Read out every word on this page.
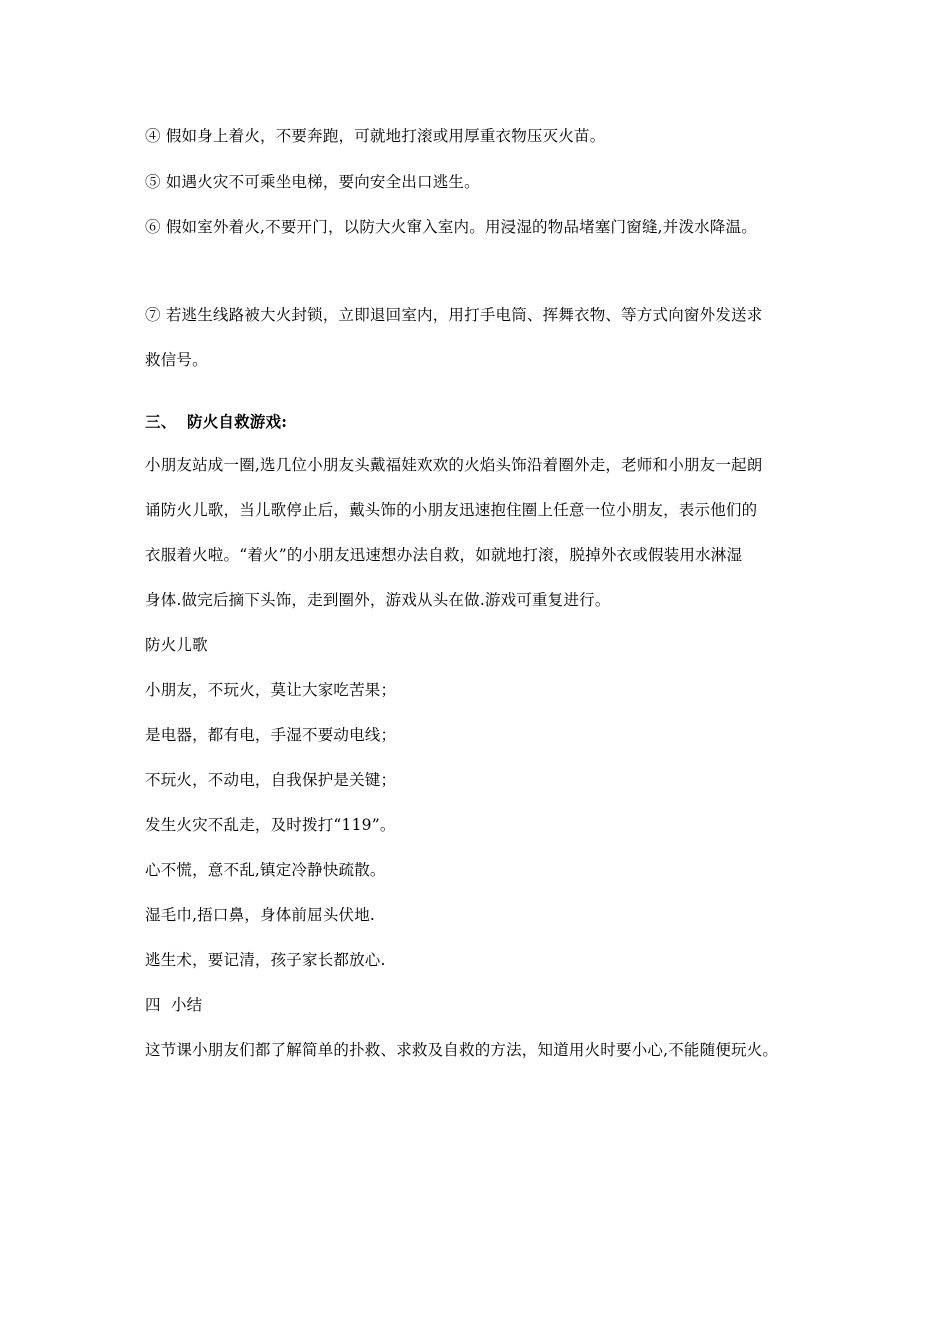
④ 假如身上着火，不要奔跑，可就地打滚或用厚重衣物压灭火苗。
⑤ 如遇火灾不可乘坐电梯，要向安全出口逃生。
⑥ 假如室外着火,不要开门，以防大火窜入室内。用浸湿的物品堵塞门窗缝,并泼水降温。
⑦ 若逃生线路被大火封锁，立即退回室内，用打手电筒、挥舞衣物、等方式向窗外发送求
救信号。
三、 防火自救游戏:
小朋友站成一圈,选几位小朋友头戴福娃欢欢的火焰头饰沿着圈外走，老师和小朋友一起朗
诵防火儿歌，当儿歌停止后，戴头饰的小朋友迅速抱住圈上任意一位小朋友，表示他们的
衣服着火啦。“着火”的小朋友迅速想办法自救，如就地打滚，脱掉外衣或假装用水淋湿
身体.做完后摘下头饰，走到圈外，游戏从头在做.游戏可重复进行。
防火儿歌
小朋友，不玩火，莫让大家吃苦果；
是电器，都有电，手湿不要动电线；
不玩火，不动电，自我保护是关键；
发生火灾不乱走，及时拨打“119”。
心不慌，意不乱,镇定冷静快疏散。
湿毛巾,捂口鼻，身体前屈头伏地.
逃生术，要记清，孩子家长都放心.
四  小结
这节课小朋友们都了解简单的扑救、求救及自救的方法，知道用火时要小心,不能随便玩火。
